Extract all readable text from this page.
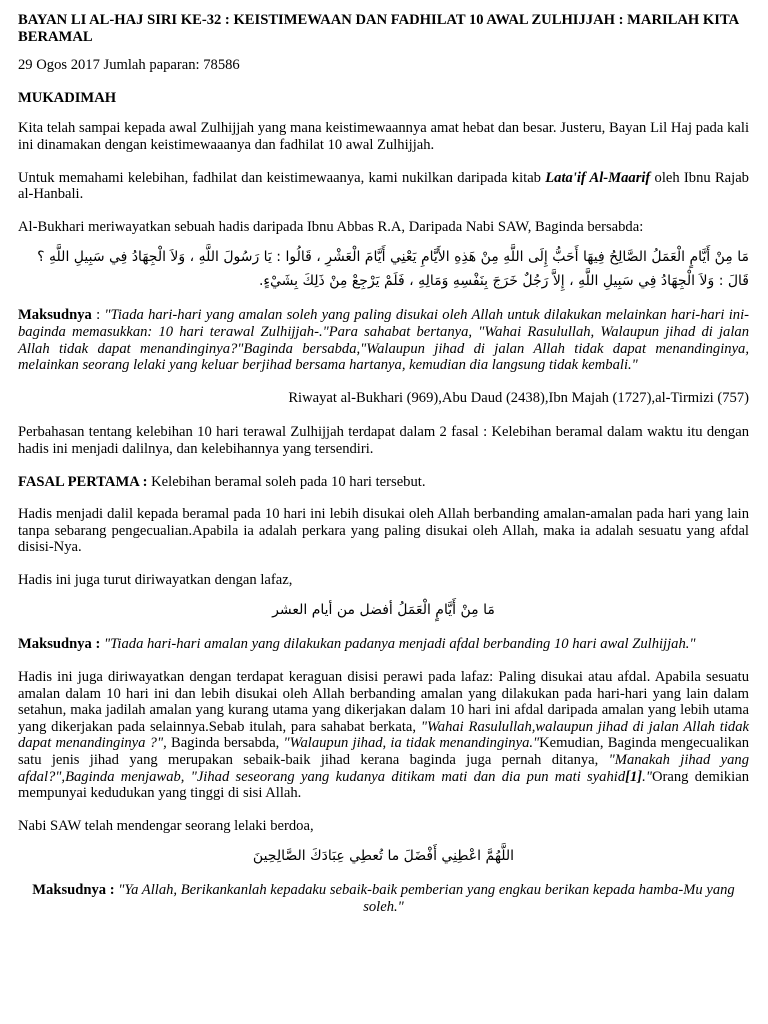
BAYAN LI AL-HAJ SIRI KE-32 : KEISTIMEWAAN DAN FADHILAT 10 AWAL ZULHIJJAH : MARILAH KITA BERAMAL

29 Ogos 2017 Jumlah paparan: 78586

MUKADIMAH

Kita telah sampai kepada awal Zulhijjah yang mana keistimewaannya amat hebat dan besar. Justeru, Bayan Lil Haj pada kali ini dinamakan dengan keistimewaaanya dan fadhilat 10 awal Zulhijjah.

Untuk memahami kelebihan, fadhilat dan keistimewaanya, kami nukilkan daripada kitab Lata'if Al-Maarif oleh Ibnu Rajab al-Hanbali.

Al-Bukhari meriwayatkan sebuah hadis daripada Ibnu Abbas R.A, Daripada Nabi SAW, Baginda bersabda:

مَا مِنْ أَيَّامٍ الْعَمَلُ الصَّالِحُ فِيهَا أَحَبُّ إِلَى اللَّهِ مِنْ هَذِهِ الأَيَّامِ يَعْنِي أَيَّامَ الْعَشْرِ ، قَالُوا : يَا رَسُولَ اللَّهِ ، وَلاَ الْجِهَادُ فِي سَبِيلِ اللَّهِ ؟ قَالَ : وَلاَ الْجِهَادُ فِي سَبِيلِ اللَّهِ ، إِلاَّ رَجُلٌ خَرَجَ بِنَفْسِهِ وَمَالِهِ ، فَلَمْ يَرْجِعْ مِنْ ذَلِكَ بِشَيْءٍ.

Maksudnya : "Tiada hari-hari yang amalan soleh yang paling disukai oleh Allah untuk dilakukan melainkan hari-hari ini-baginda memasukkan: 10 hari terawal Zulhijjah-."Para sahabat bertanya, "Wahai Rasulullah, Walaupun jihad di jalan Allah tidak dapat menandinginya?"Baginda bersabda,"Walaupun jihad di jalan Allah tidak dapat menandinginya, melainkan seorang lelaki yang keluar berjihad bersama hartanya, kemudian dia langsung tidak kembali."

Riwayat al-Bukhari (969),Abu Daud (2438),Ibn Majah (1727),al-Tirmizi (757)

Perbahasan tentang kelebihan 10 hari terawal Zulhijjah terdapat dalam 2 fasal : Kelebihan beramal dalam waktu itu dengan hadis ini menjadi dalilnya, dan kelebihannya yang tersendiri.

FASAL PERTAMA : Kelebihan beramal soleh pada 10 hari tersebut.

Hadis menjadi dalil kepada beramal pada 10 hari ini lebih disukai oleh Allah berbanding amalan-amalan pada hari yang lain tanpa sebarang pengecualian.Apabila ia adalah perkara yang paling disukai oleh Allah, maka ia adalah sesuatu yang afdal disisi-Nya.

Hadis ini juga turut diriwayatkan dengan lafaz,

مَا مِنْ أَيَّامٍ الْعَمَلُ أفضل من أيام العشر

Maksudnya : "Tiada hari-hari amalan yang dilakukan padanya menjadi afdal berbanding 10 hari awal Zulhijjah."

Hadis ini juga diriwayatkan dengan terdapat keraguan disisi perawi pada lafaz: Paling disukai atau afdal. Apabila sesuatu amalan dalam 10 hari ini dan lebih disukai oleh Allah berbanding amalan yang dilakukan pada hari-hari yang lain dalam setahun, maka jadilah amalan yang kurang utama yang dikerjakan dalam 10 hari ini afdal daripada amalan yang lebih utama yang dikerjakan pada selainnya.Sebab itulah, para sahabat berkata, "Wahai Rasulullah,walaupun jihad di jalan Allah tidak dapat menandinginya ?", Baginda bersabda, "Walaupun jihad, ia tidak menandinginya."Kemudian, Baginda mengecualikan satu jenis jihad yang merupakan sebaik-baik jihad kerana baginda juga pernah ditanya, "Manakah jihad yang afdal?",Baginda menjawab, "Jihad seseorang yang kudanya ditikam mati dan dia pun mati syahid[1]."Orang demikian mempunyai kedudukan yang tinggi di sisi Allah.

Nabi SAW telah mendengar seorang lelaki berdoa,

اللَّهُمَّ اعْطِنِي أَفْضَلَ ما تُعطِي عِبَادَكَ الصَّالِحِينَ

Maksudnya : "Ya Allah, Berikankanlah kepadaku sebaik-baik pemberian yang engkau berikan kepada hamba-Mu yang soleh."
